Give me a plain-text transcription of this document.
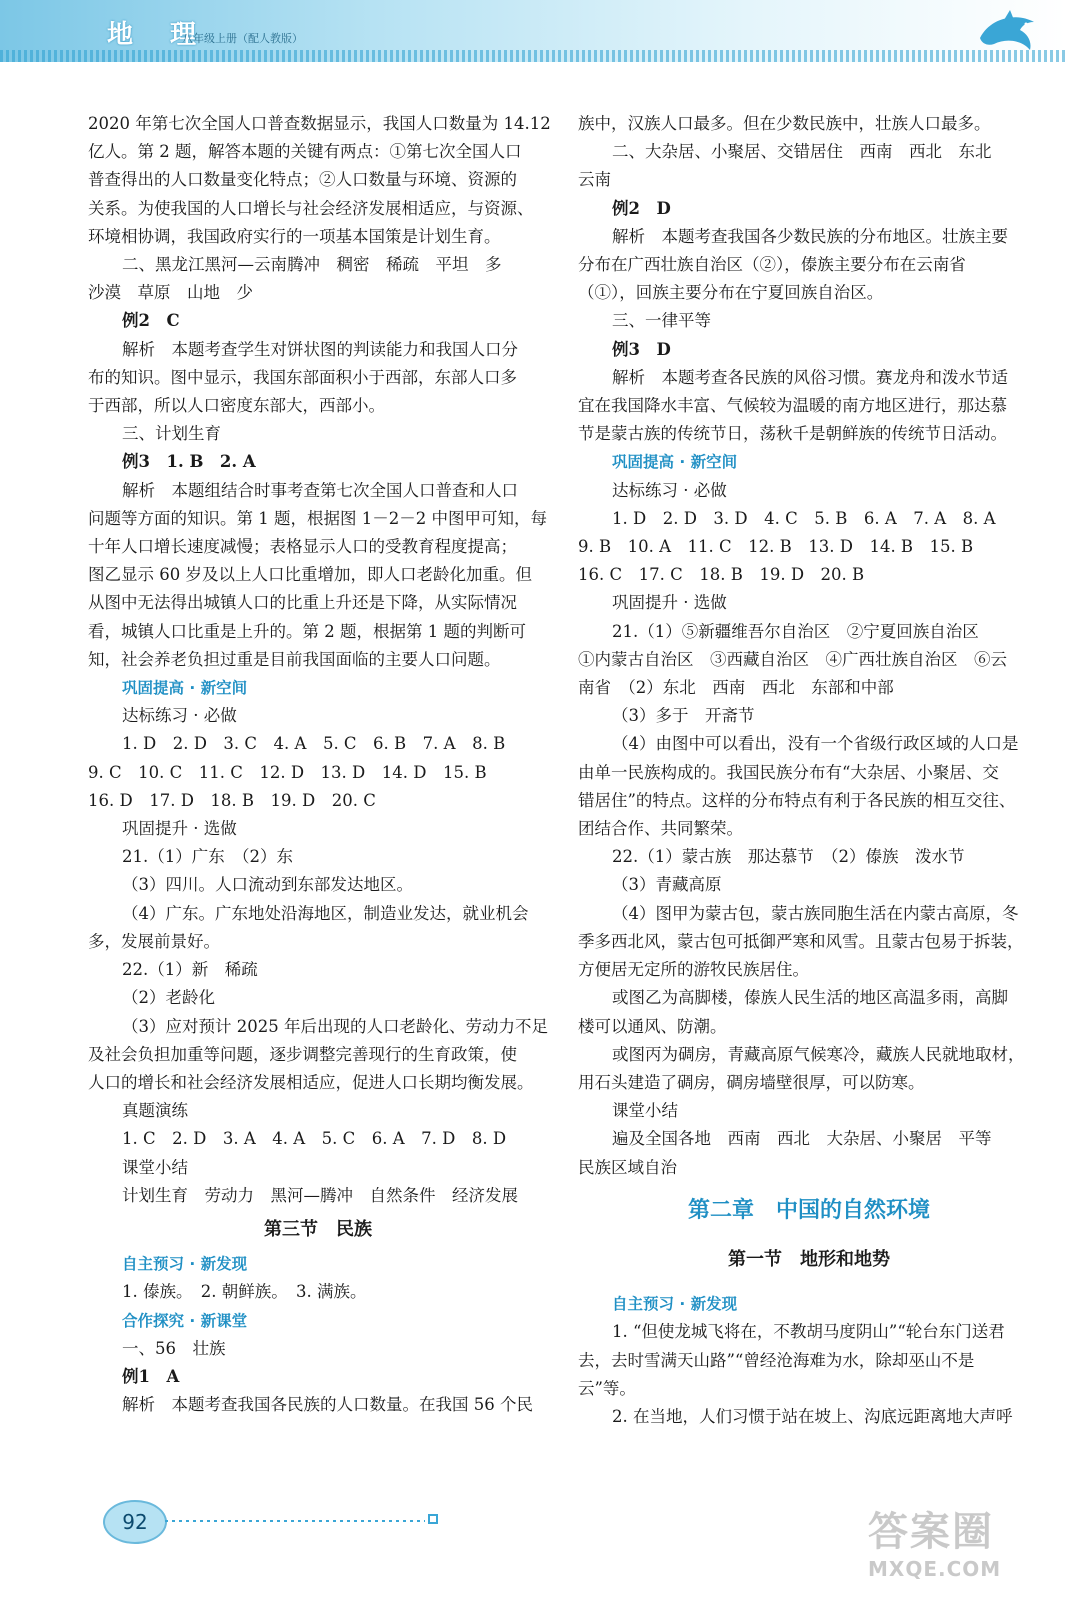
地 理
八年级上册（配人教版）
2020 年第七次全国人口普查数据显示，我国人口数量为 14.12
亿人。第 2 题，解答本题的关键有两点：①第七次全国人口
普查得出的人口数量变化特点；②人口数量与环境、资源的
关系。为使我国的人口增长与社会经济发展相适应，与资源、
环境相协调，我国政府实行的一项基本国策是计划生育。
二、黑龙江黑河—云南腾冲　稠密　稀疏　平坦　多
沙漠　草原　山地　少
例2　C
解析　本题考查学生对饼状图的判读能力和我国人口分
布的知识。图中显示，我国东部面积小于西部，东部人口多
于西部，所以人口密度东部大，西部小。
三、计划生育
例3　1. B　2. A
解析　本题组结合时事考查第七次全国人口普查和人口
问题等方面的知识。第 1 题，根据图 1－2－2 中图甲可知，每
十年人口增长速度减慢；表格显示人口的受教育程度提高；
图乙显示 60 岁及以上人口比重增加，即人口老龄化加重。但
从图中无法得出城镇人口的比重上升还是下降，从实际情况
看，城镇人口比重是上升的。第 2 题，根据第 1 题的判断可
知，社会养老负担过重是目前我国面临的主要人口问题。
巩固提高 · 新空间
达标练习 · 必做
1. D　2. D　3. C　4. A　5. C　6. B　7. A　8. B
9. C　10. C　11. C　12. D　13. D　14. D　15. B
16. D　17. D　18. B　19. D　20. C
巩固提升 · 选做
21.（1）广东　（2）东
（3）四川。人口流动到东部发达地区。
（4）广东。广东地处沿海地区，制造业发达，就业机会
多，发展前景好。
22.（1）新　稀疏
（2）老龄化
（3）应对预计 2025 年后出现的人口老龄化、劳动力不足
及社会负担加重等问题，逐步调整完善现行的生育政策，使
人口的增长和社会经济发展相适应，促进人口长期均衡发展。
真题演练
1. C　2. D　3. A　4. A　5. C　6. A　7. D　8. D
课堂小结
计划生育　劳动力　黑河—腾冲　自然条件　经济发展
第三节　民族
自主预习 · 新发现
1. 傣族。　2. 朝鲜族。　3. 满族。
合作探究 · 新课堂
一、56　壮族
例1　A
解析　本题考查我国各民族的人口数量。在我国 56 个民
族中，汉族人口最多。但在少数民族中，壮族人口最多。
二、大杂居、小聚居、交错居住　西南　西北　东北
云南
例2　D
解析　本题考查我国各少数民族的分布地区。壮族主要
分布在广西壮族自治区（②），傣族主要分布在云南省
（①），回族主要分布在宁夏回族自治区。
三、一律平等
例3　D
解析　本题考查各民族的风俗习惯。赛龙舟和泼水节适
宜在我国降水丰富、气候较为温暖的南方地区进行，那达慕
节是蒙古族的传统节日，荡秋千是朝鲜族的传统节日活动。
巩固提高 · 新空间
达标练习 · 必做
1. D　2. D　3. D　4. C　5. B　6. A　7. A　8. A
9. B　10. A　11. C　12. B　13. D　14. B　15. B
16. C　17. C　18. B　19. D　20. B
巩固提升 · 选做
21.（1）⑤新疆维吾尔自治区　②宁夏回族自治区
①内蒙古自治区　③西藏自治区　④广西壮族自治区　⑥云
南省　（2）东北　西南　西北　东部和中部
（3）多于　开斋节
（4）由图中可以看出，没有一个省级行政区域的人口是
由单一民族构成的。我国民族分布有“大杂居、小聚居、交
错居住”的特点。这样的分布特点有利于各民族的相互交往、
团结合作、共同繁荣。
22.（1）蒙古族　那达慕节　（2）傣族　泼水节
（3）青藏高原
（4）图甲为蒙古包，蒙古族同胞生活在内蒙古高原，冬
季多西北风，蒙古包可抵御严寒和风雪。且蒙古包易于拆装，
方便居无定所的游牧民族居住。
或图乙为高脚楼，傣族人民生活的地区高温多雨，高脚
楼可以通风、防潮。
或图丙为碉房，青藏高原气候寒冷，藏族人民就地取材，
用石头建造了碉房，碉房墙壁很厚，可以防寒。
课堂小结
遍及全国各地　西南　西北　大杂居、小聚居　平等
民族区域自治
第二章　中国的自然环境
第一节　地形和地势
自主预习 · 新发现
1. “但使龙城飞将在，不教胡马度阴山”“轮台东门送君
去，去时雪满天山路”“曾经沧海难为水，除却巫山不是
云”等。
2. 在当地，人们习惯于站在坡上、沟底远距离地大声呼
92	答案圈
MXQE.COM
